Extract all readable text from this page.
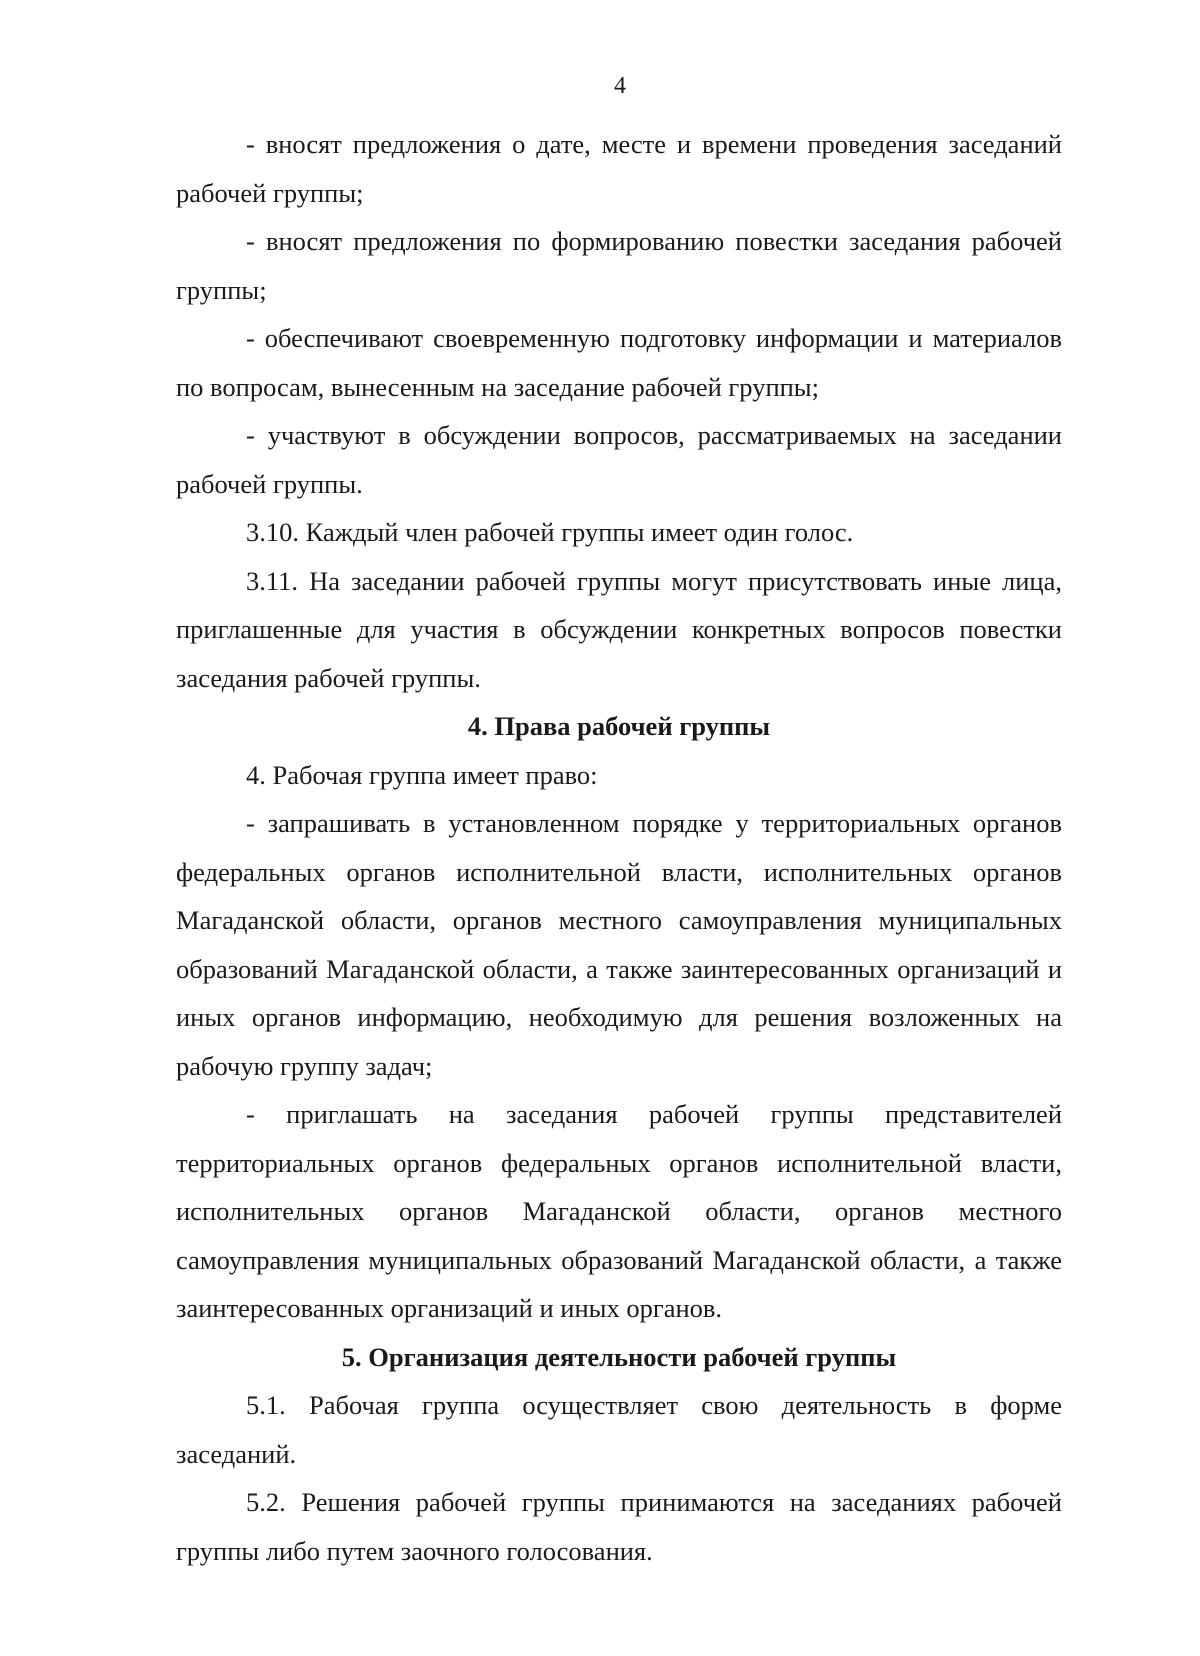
4

- вносят предложения о дате, месте и времени проведения заседаний рабочей группы;

- вносят предложения по формированию повестки заседания рабочей группы;

- обеспечивают своевременную подготовку информации и материалов по вопросам, вынесенным на заседание рабочей группы;

- участвуют в обсуждении вопросов, рассматриваемых на заседании рабочей группы.

3.10. Каждый член рабочей группы имеет один голос.

3.11. На заседании рабочей группы могут присутствовать иные лица, приглашенные для участия в обсуждении конкретных вопросов повестки заседания рабочей группы.

4. Права рабочей группы

4. Рабочая группа имеет право:

- запрашивать в установленном порядке у территориальных органов федеральных органов исполнительной власти, исполнительных органов Магаданской области, органов местного самоуправления муниципальных образований Магаданской области, а также заинтересованных организаций и иных органов информацию, необходимую для решения возложенных на рабочую группу задач;

- приглашать на заседания рабочей группы представителей территориальных органов федеральных органов исполнительной власти, исполнительных органов Магаданской области, органов местного самоуправления муниципальных образований Магаданской области, а также заинтересованных организаций и иных органов.

5. Организация деятельности рабочей группы

5.1. Рабочая группа осуществляет свою деятельность в форме заседаний.

5.2. Решения рабочей группы принимаются на заседаниях рабочей группы либо путем заочного голосования.
